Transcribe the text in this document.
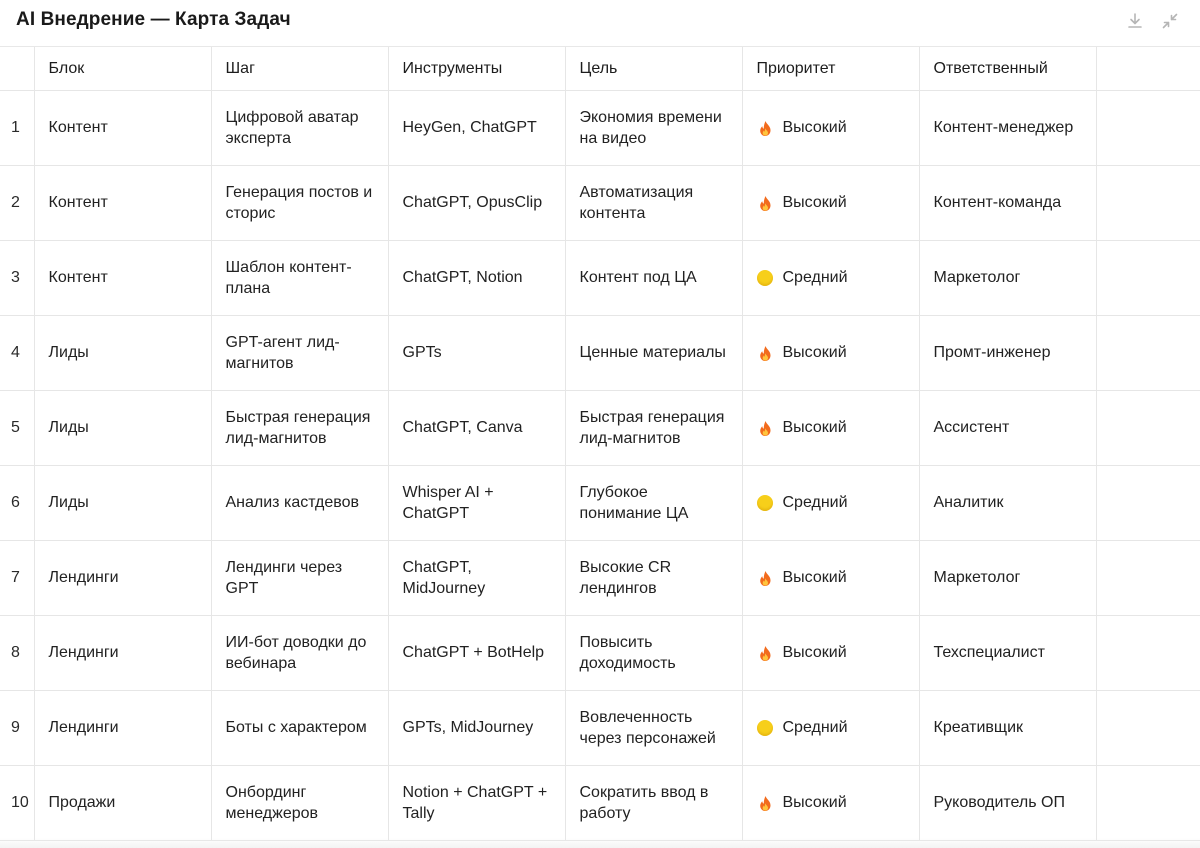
AI Внедрение — Карта Задач
	Блок	Шаг	Инструменты	Цель	Приоритет	Ответственный	
1	Контент	Цифровой аватар эксперта	HeyGen, ChatGPT	Экономия времени на видео	Высокий	Контент-менеджер	
2	Контент	Генерация постов и сторис	ChatGPT, OpusClip	Автоматизация контента	Высокий	Контент-команда	
3	Контент	Шаблон контент-плана	ChatGPT, Notion	Контент под ЦА	Средний	Маркетолог	
4	Лиды	GPT-агент лид-магнитов	GPTs	Ценные материалы	Высокий	Промт-инженер	
5	Лиды	Быстрая генерация лид-магнитов	ChatGPT, Canva	Быстрая генерация лид-магнитов	Высокий	Ассистент	
6	Лиды	Анализ кастдевов	Whisper AI + ChatGPT	Глубокое понимание ЦА	Средний	Аналитик	
7	Лендинги	Лендинги через GPT	ChatGPT, MidJourney	Высокие CR лендингов	Высокий	Маркетолог	
8	Лендинги	ИИ-бот доводки до вебинара	ChatGPT + BotHelp	Повысить доходимость	Высокий	Техспециалист	
9	Лендинги	Боты с характером	GPTs, MidJourney	Вовлеченность через персонажей	Средний	Креативщик	
10	Продажи	Онбординг менеджеров	Notion + ChatGPT + Tally	Сократить ввод в работу	Высокий	Руководитель ОП	
